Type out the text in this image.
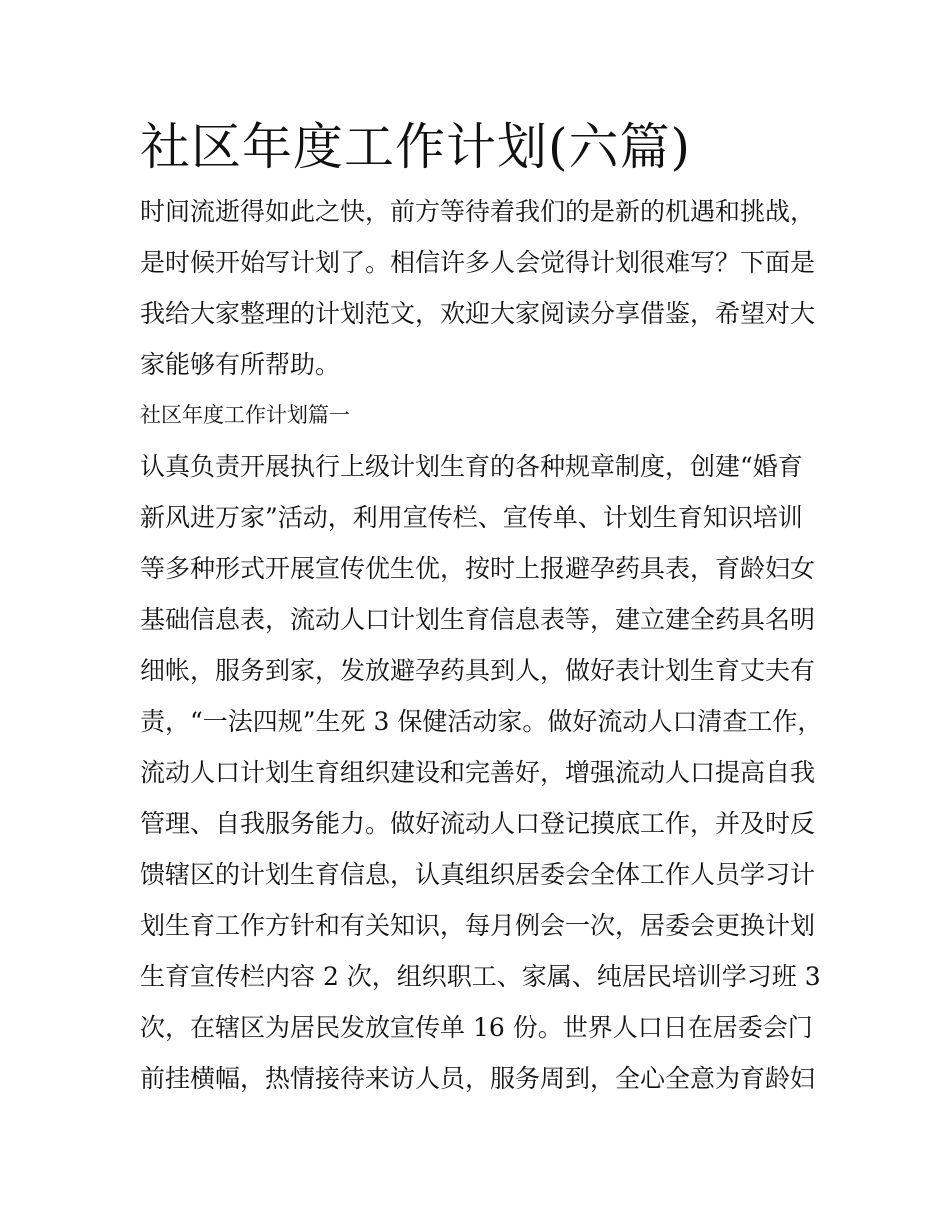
社区年度工作计划(六篇)
时间流逝得如此之快，前方等待着我们的是新的机遇和挑战，
是时候开始写计划了。相信许多人会觉得计划很难写？下面是
我给大家整理的计划范文，欢迎大家阅读分享借鉴，希望对大
家能够有所帮助。
社区年度工作计划篇一
认真负责开展执行上级计划生育的各种规章制度，创建“婚育
新风进万家”活动，利用宣传栏、宣传单、计划生育知识培训
等多种形式开展宣传优生优，按时上报避孕药具表，育龄妇女
基础信息表，流动人口计划生育信息表等，建立建全药具名明
细帐，服务到家，发放避孕药具到人，做好表计划生育丈夫有
责，“一法四规”生死 3 保健活动家。做好流动人口清查工作，
流动人口计划生育组织建设和完善好，增强流动人口提高自我
管理、自我服务能力。做好流动人口登记摸底工作，并及时反
馈辖区的计划生育信息，认真组织居委会全体工作人员学习计
划生育工作方针和有关知识，每月例会一次，居委会更换计划
生育宣传栏内容 2 次，组织职工、家属、纯居民培训学习班 3
次，在辖区为居民发放宣传单 16 份。世界人口日在居委会门
前挂横幅，热情接待来访人员，服务周到，全心全意为育龄妇
